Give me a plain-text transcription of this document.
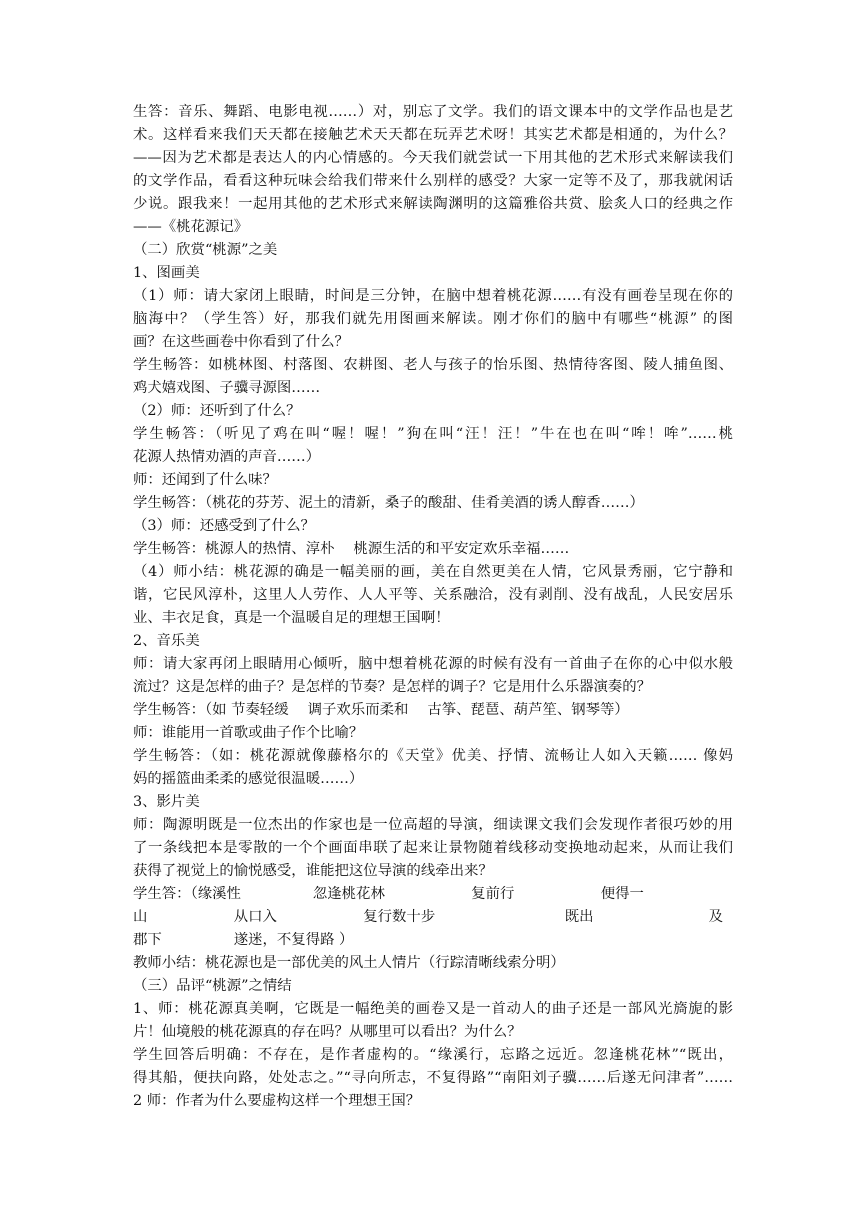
生答：音乐、舞蹈、电影电视……）对，别忘了文学。我们的语文课本中的文学作品也是艺
术。这样看来我们天天都在接触艺术天天都在玩弄艺术呀！其实艺术都是相通的，为什么？
——因为艺术都是表达人的内心情感的。今天我们就尝试一下用其他的艺术形式来解读我们
的文学作品，看看这种玩味会给我们带来什么别样的感受？大家一定等不及了，那我就闲话
少说。跟我来！一起用其他的艺术形式来解读陶渊明的这篇雅俗共赏、脍炙人口的经典之作
——《桃花源记》
（二）欣赏“桃源”之美
1、图画美
（1）师：请大家闭上眼睛，时间是三分钟，在脑中想着桃花源……有没有画卷呈现在你的
脑海中？（学生答）好，那我们就先用图画来解读。刚才你们的脑中有哪些“桃源” 的图
画？在这些画卷中你看到了什么？
学生畅答：如桃林图、村落图、农耕图、老人与孩子的怡乐图、热情待客图、陵人捕鱼图、
鸡犬嬉戏图、子骥寻源图……
（2）师：还听到了什么？
学生畅答：（听见了鸡在叫“喔！喔！”狗在叫“汪！汪！”牛在也在叫“哞！哞”……桃
花源人热情劝酒的声音……）
师：还闻到了什么味？
学生畅答：（桃花的芬芳、泥土的清新，桑子的酸甜、佳肴美酒的诱人醇香……）
（3）师：还感受到了什么？
学生畅答：桃源人的热情、淳朴　 桃源生活的和平安定欢乐幸福……
（4）师小结：桃花源的确是一幅美丽的画，美在自然更美在人情，它风景秀丽，它宁静和
谐，它民风淳朴，这里人人劳作、人人平等、关系融洽，没有剥削、没有战乱，人民安居乐
业、丰衣足食，真是一个温暖自足的理想王国啊！
2、音乐美
师：请大家再闭上眼睛用心倾听，脑中想着桃花源的时候有没有一首曲子在你的心中似水般
流过？这是怎样的曲子？是怎样的节奏？是怎样的调子？它是用什么乐器演奏的？
学生畅答：（如 节奏轻缓　 调子欢乐而柔和　 古筝、琵琶、葫芦笙、钢琴等）
师：谁能用一首歌或曲子作个比喻？
学生畅答：（如：桃花源就像藤格尔的《天堂》优美、抒情、流畅让人如入天籁…… 像妈
妈的摇篮曲柔柔的感觉很温暖……）
3、影片美
师：陶源明既是一位杰出的作家也是一位高超的导演，细读课文我们会发现作者很巧妙的用
了一条线把本是零散的一个个画面串联了起来让景物随着线移动变换地动起来，从而让我们
获得了视觉上的愉悦感受，谁能把这位导演的线牵出来？
学生答：（缘溪性　　　　　忽逢桃花林　　　　　　复前行　　　　　　便得一
山　　　　　　从口入　　　　　　复行数十步　　　　　　　　　既出　　　　　　　　及
郡下　　　　　遂迷，不复得路 ）
教师小结：桃花源也是一部优美的风土人情片（行踪清晰线索分明）
（三）品评“桃源”之情结
1、师：桃花源真美啊，它既是一幅绝美的画卷又是一首动人的曲子还是一部风光旖旎的影
片！仙境般的桃花源真的存在吗？从哪里可以看出？为什么？
学生回答后明确：不存在，是作者虚构的。“缘溪行，忘路之远近。忽逢桃花林”“既出，
得其船，便扶向路，处处志之。”“寻向所志，不复得路”“南阳刘子骥……后遂无问津者”……
2 师：作者为什么要虚构这样一个理想王国？
